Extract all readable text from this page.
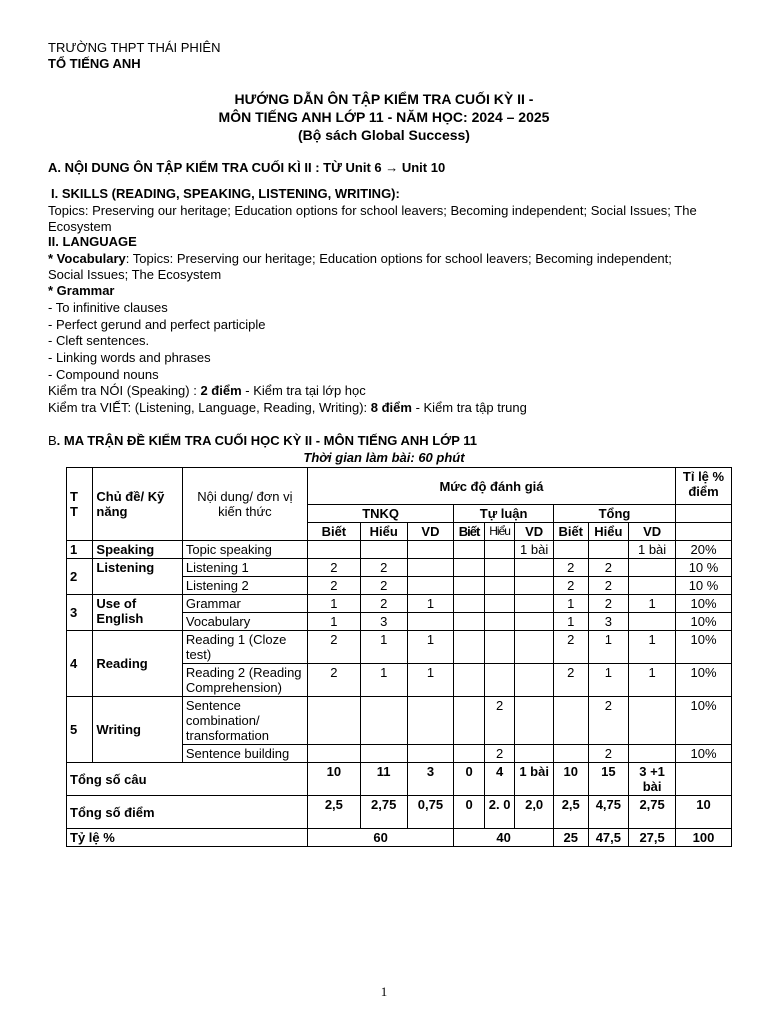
TRƯỜNG THPT THÁI PHIÊN
TỔ TIẾNG ANH
HƯỚNG DẪN ÔN TẬP KIỂM TRA CUỐI KỲ II -
MÔN TIẾNG ANH LỚP 11 - NĂM HỌC: 2024 – 2025
(Bộ sách Global Success)
A. NỘI DUNG ÔN TẬP KIỂM TRA CUỐI KÌ II : TỪ Unit 6 → Unit 10
I. SKILLS (READING, SPEAKING, LISTENING, WRITING):
Topics: Preserving our heritage; Education options for school leavers; Becoming independent; Social Issues; The Ecosystem
II. LANGUAGE
* Vocabulary: Topics: Preserving our heritage; Education options for school leavers; Becoming independent; Social Issues; The Ecosystem
* Grammar
- To infinitive clauses
- Perfect gerund and perfect participle
- Cleft sentences.
- Linking words and phrases
- Compound nouns
Kiểm tra NÓI (Speaking) : 2 điểm - Kiểm tra tại lớp học
Kiểm tra VIẾT: (Listening, Language, Reading, Writing): 8 điểm - Kiểm tra tập trung
B. MA TRẬN ĐỀ KIỂM TRA CUỐI HỌC KỲ II - MÔN TIẾNG ANH LỚP 11
Thời gian làm bài: 60 phút
T T	Chủ đề/ Kỹ năng	Nội dung/ đơn vị kiến thức	Mức độ đánh giá									Tỉ lệ % điểm
			TNKQ			Tự luận			Tổng			
			Biết	Hiểu	VD	Biết	Hiểu	VD	Biết	Hiểu	VD	
1	Speaking	Topic speaking						1 bài			1 bài	20%
2	Listening	Listening 1	2	2					2	2		10 %
		Listening 2	2	2					2	2		10 %
3	Use of English	Grammar	1	2	1				1	2	1	10%
		Vocabulary	1	3					1	3		10%
4	Reading	Reading 1 (Cloze test)	2	1	1				2	1	1	10%
		Reading 2 (Reading Comprehension)	2	1	1				2	1	1	10%
5	Writing	Sentence combination/ transformation					2			2		10%
		Sentence building					2			2		10%
Tổng số câu			10	11	3	0	4	1 bài	10	15	3 +1 bài	
Tổng số điểm			2,5	2,75	0,75	0	2. 0	2,0	2,5	4,75	2,75	10
Tỷ lệ %			60			40			25	47,5	27,5	100
1
